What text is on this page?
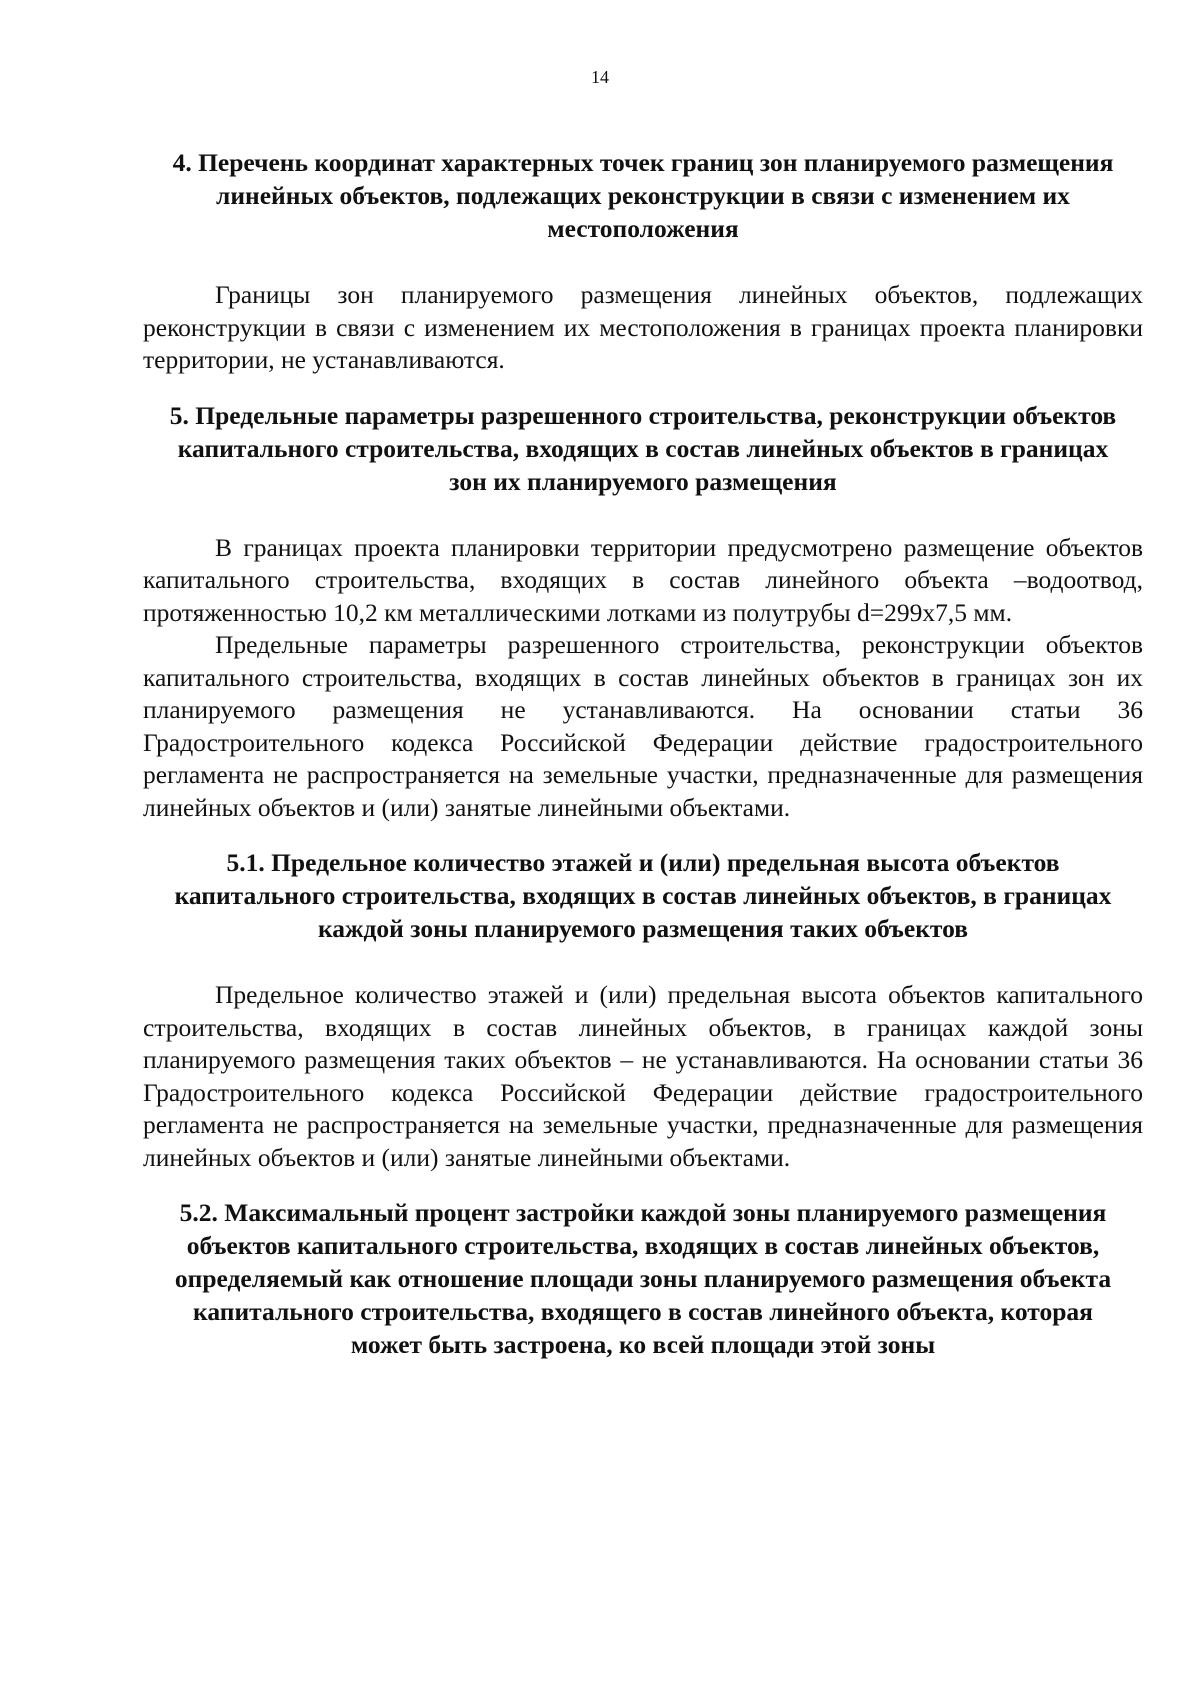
14
4. Перечень координат характерных точек границ зон планируемого размещения линейных объектов, подлежащих реконструкции в связи с изменением их местоположения

Границы зон планируемого размещения линейных объектов, подлежащих реконструкции в связи с изменением их местоположения в границах проекта планировки территории, не устанавливаются.

5. Предельные параметры разрешенного строительства, реконструкции объектов капитального строительства, входящих в состав линейных объектов в границах зон их планируемого размещения

В границах проекта планировки территории предусмотрено размещение объектов капитального строительства, входящих в состав линейного объекта –водоотвод, протяженностью 10,2 км металлическими лотками из полутрубы d=299х7,5 мм.

Предельные параметры разрешенного строительства, реконструкции объектов капитального строительства, входящих в состав линейных объектов в границах зон их планируемого размещения не устанавливаются. На основании статьи 36 Градостроительного кодекса Российской Федерации действие градостроительного регламента не распространяется на земельные участки, предназначенные для размещения линейных объектов и (или) занятые линейными объектами.

5.1. Предельное количество этажей и (или) предельная высота объектов капитального строительства, входящих в состав линейных объектов, в границах каждой зоны планируемого размещения таких объектов

Предельное количество этажей и (или) предельная высота объектов капитального строительства, входящих в состав линейных объектов, в границах каждой зоны планируемого размещения таких объектов – не устанавливаются. На основании статьи 36 Градостроительного кодекса Российской Федерации действие градостроительного регламента не распространяется на земельные участки, предназначенные для размещения линейных объектов и (или) занятые линейными объектами.

5.2. Максимальный процент застройки каждой зоны планируемого размещения объектов капитального строительства, входящих в состав линейных объектов, определяемый как отношение площади зоны планируемого размещения объекта капитального строительства, входящего в состав линейного объекта, которая может быть застроена, ко всей площади этой зоны
